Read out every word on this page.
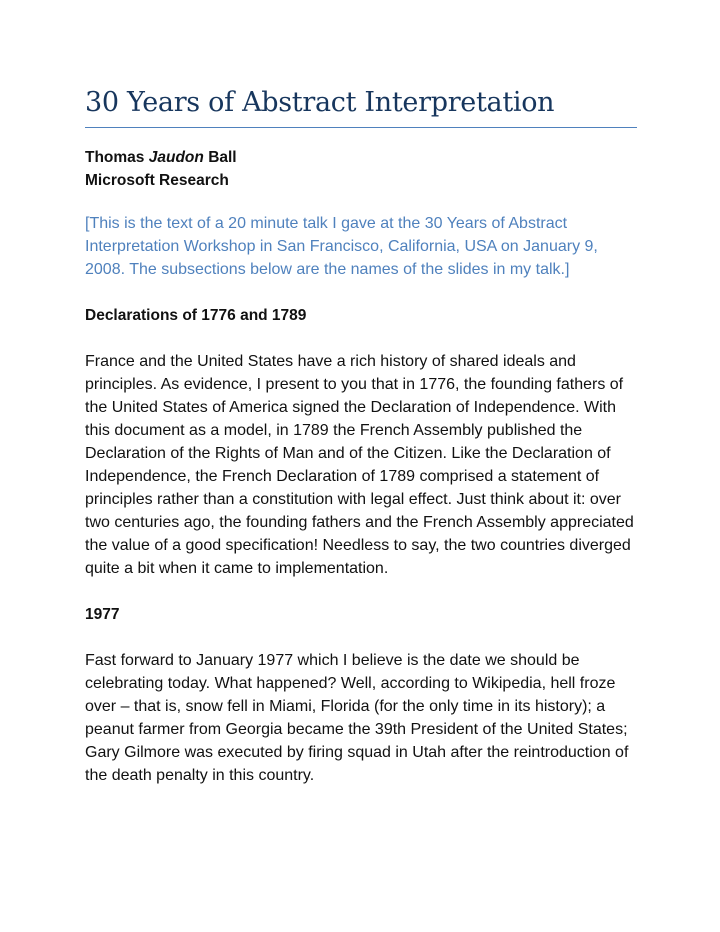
30 Years of Abstract Interpretation
Thomas Jaudon Ball
Microsoft Research

[This is the text of a 20 minute talk I gave at the 30 Years of Abstract Interpretation Workshop in San Francisco, California, USA on January 9, 2008. The subsections below are the names of the slides in my talk.]

Declarations of 1776 and 1789

France and the United States have a rich history of shared ideals and principles. As evidence, I present to you that in 1776, the founding fathers of the United States of America signed the Declaration of Independence. With this document as a model, in 1789 the French Assembly published the Declaration of the Rights of Man and of the Citizen. Like the Declaration of Independence, the French Declaration of 1789 comprised a statement of principles rather than a constitution with legal effect. Just think about it: over two centuries ago, the founding fathers and the French Assembly appreciated the value of a good specification! Needless to say, the two countries diverged quite a bit when it came to implementation.

1977

Fast forward to January 1977 which I believe is the date we should be celebrating today. What happened? Well, according to Wikipedia, hell froze over – that is, snow fell in Miami, Florida (for the only time in its history); a peanut farmer from Georgia became the 39th President of the United States; Gary Gilmore was executed by firing squad in Utah after the reintroduction of the death penalty in this country.
